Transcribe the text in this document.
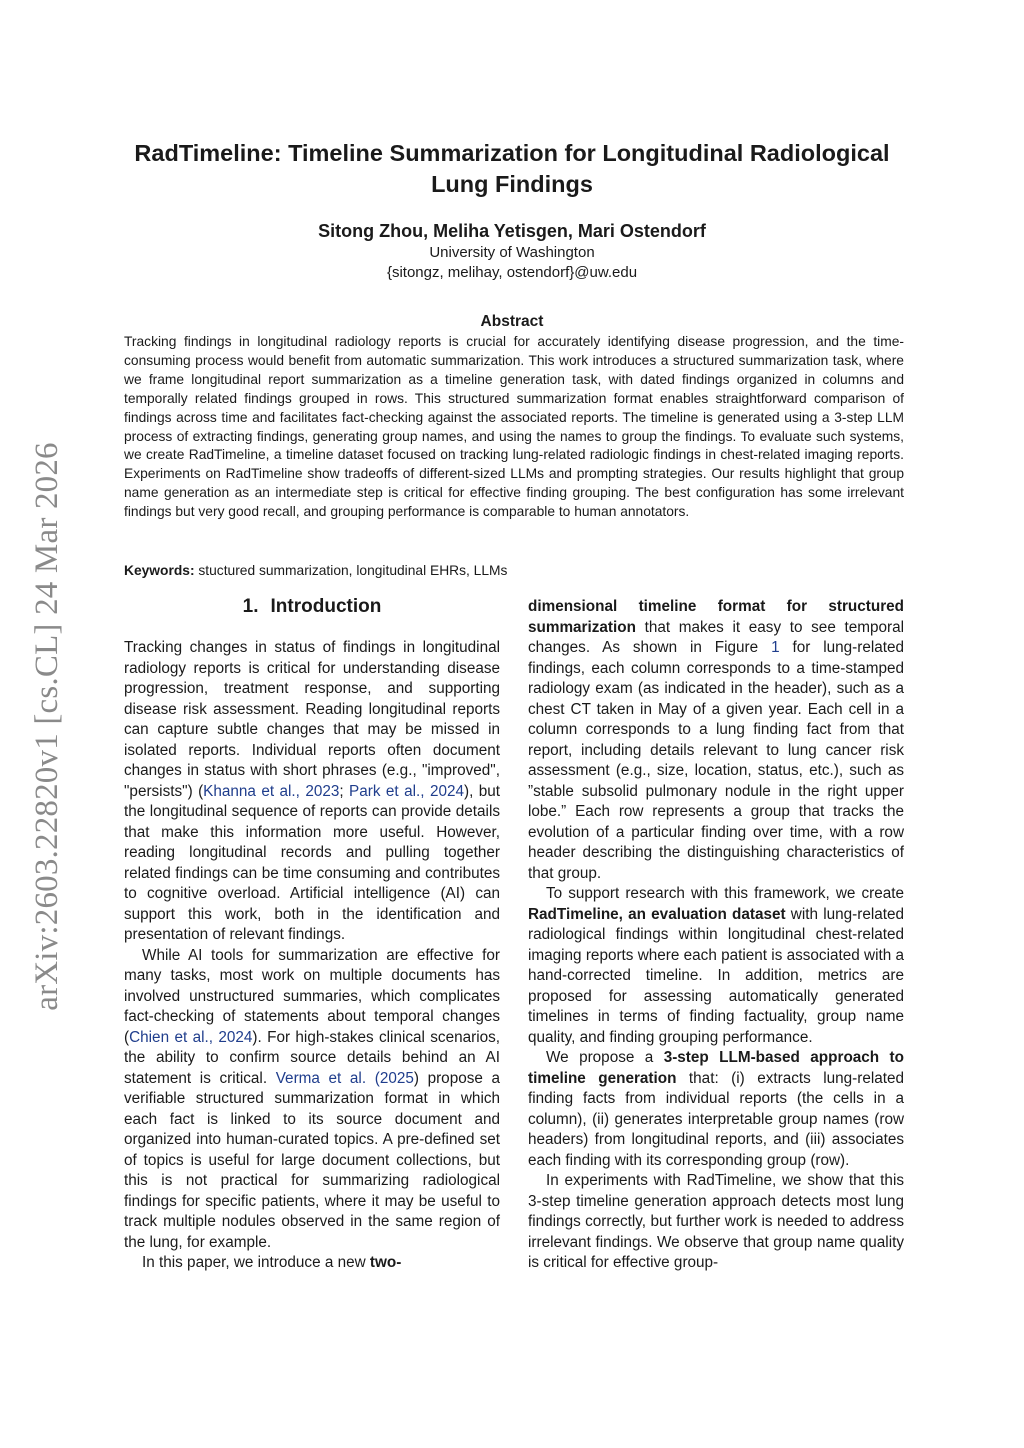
arXiv:2603.22820v1 [cs.CL] 24 Mar 2026
RadTimeline: Timeline Summarization for Longitudinal Radiological Lung Findings
Sitong Zhou, Meliha Yetisgen, Mari Ostendorf
University of Washington
{sitongz, melihay, ostendorf}@uw.edu
Abstract

Tracking findings in longitudinal radiology reports is crucial for accurately identifying disease progression, and the time-consuming process would benefit from automatic summarization. This work introduces a structured summarization task, where we frame longitudinal report summarization as a timeline generation task, with dated findings organized in columns and temporally related findings grouped in rows. This structured summarization format enables straightforward comparison of findings across time and facilitates fact-checking against the associated reports. The timeline is generated using a 3-step LLM process of extracting findings, generating group names, and using the names to group the findings. To evaluate such systems, we create RadTimeline, a timeline dataset focused on tracking lung-related radiologic findings in chest-related imaging reports. Experiments on RadTimeline show tradeoffs of different-sized LLMs and prompting strategies. Our results highlight that group name generation as an intermediate step is critical for effective finding grouping. The best configuration has some irrelevant findings but very good recall, and grouping performance is comparable to human annotators.

Keywords: stuctured summarization, longitudinal EHRs, LLMs

1. Introduction

Tracking changes in status of findings in longitudinal radiology reports is critical for understanding disease progression, treatment response, and supporting disease risk assessment. Reading longitudinal reports can capture subtle changes that may be missed in isolated reports. Individual reports often document changes in status with short phrases (e.g., "improved", "persists") (Khanna et al., 2023; Park et al., 2024), but the longitudinal sequence of reports can provide details that make this information more useful. However, reading longitudinal records and pulling together related findings can be time consuming and contributes to cognitive overload. Artificial intelligence (AI) can support this work, both in the identification and presentation of relevant findings.

While AI tools for summarization are effective for many tasks, most work on multiple documents has involved unstructured summaries, which complicates fact-checking of statements about temporal changes (Chien et al., 2024). For high-stakes clinical scenarios, the ability to confirm source details behind an AI statement is critical. Verma et al. (2025) propose a verifiable structured summarization format in which each fact is linked to its source document and organized into human-curated topics. A pre-defined set of topics is useful for large document collections, but this is not practical for summarizing radiological findings for specific patients, where it may be useful to track multiple nodules observed in the same region of the lung, for example.

In this paper, we introduce a new two-

dimensional timeline format for structured summarization that makes it easy to see temporal changes. As shown in Figure 1 for lung-related findings, each column corresponds to a time-stamped radiology exam (as indicated in the header), such as a chest CT taken in May of a given year. Each cell in a column corresponds to a lung finding fact from that report, including details relevant to lung cancer risk assessment (e.g., size, location, status, etc.), such as ”stable subsolid pulmonary nodule in the right upper lobe.” Each row represents a group that tracks the evolution of a particular finding over time, with a row header describing the distinguishing characteristics of that group.

To support research with this framework, we create RadTimeline, an evaluation dataset with lung-related radiological findings within longitudinal chest-related imaging reports where each patient is associated with a hand-corrected timeline. In addition, metrics are proposed for assessing automatically generated timelines in terms of finding factuality, group name quality, and finding grouping performance.

We propose a 3-step LLM-based approach to timeline generation that: (i) extracts lung-related finding facts from individual reports (the cells in a column), (ii) generates interpretable group names (row headers) from longitudinal reports, and (iii) associates each finding with its corresponding group (row).

In experiments with RadTimeline, we show that this 3-step timeline generation approach detects most lung findings correctly, but further work is needed to address irrelevant findings. We observe that group name quality is critical for effective group-
